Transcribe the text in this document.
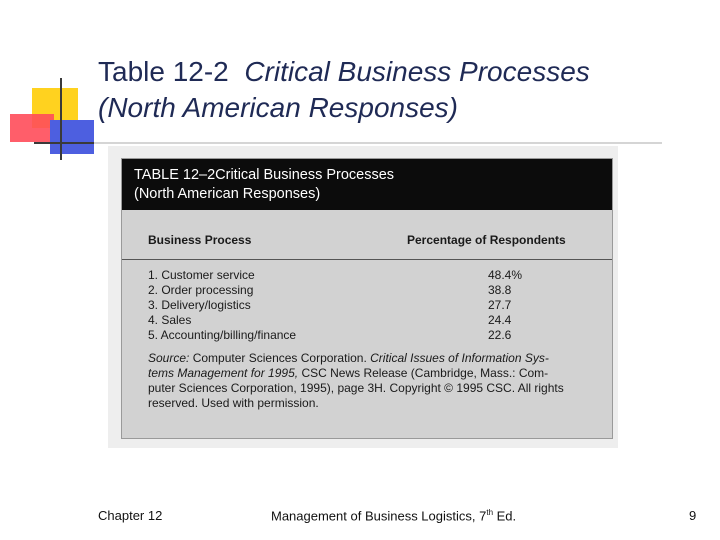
Table 12-2 Critical Business Processes
(North American Responses)
TABLE 12–2Critical Business Processes
(North American Responses)
Business Process	Percentage of Respondents
1. Customer service	48.4%
2. Order processing	38.8
3. Delivery/logistics	27.7
4. Sales	24.4
5. Accounting/billing/finance	22.6
Source: Computer Sciences Corporation. Critical Issues of Information Sys-tems Management for 1995, CSC News Release (Cambridge, Mass.: Com-puter Sciences Corporation, 1995), page 3H. Copyright © 1995 CSC. All rights reserved. Used with permission.
Chapter 12	Management of Business Logistics, 7th Ed.	9
